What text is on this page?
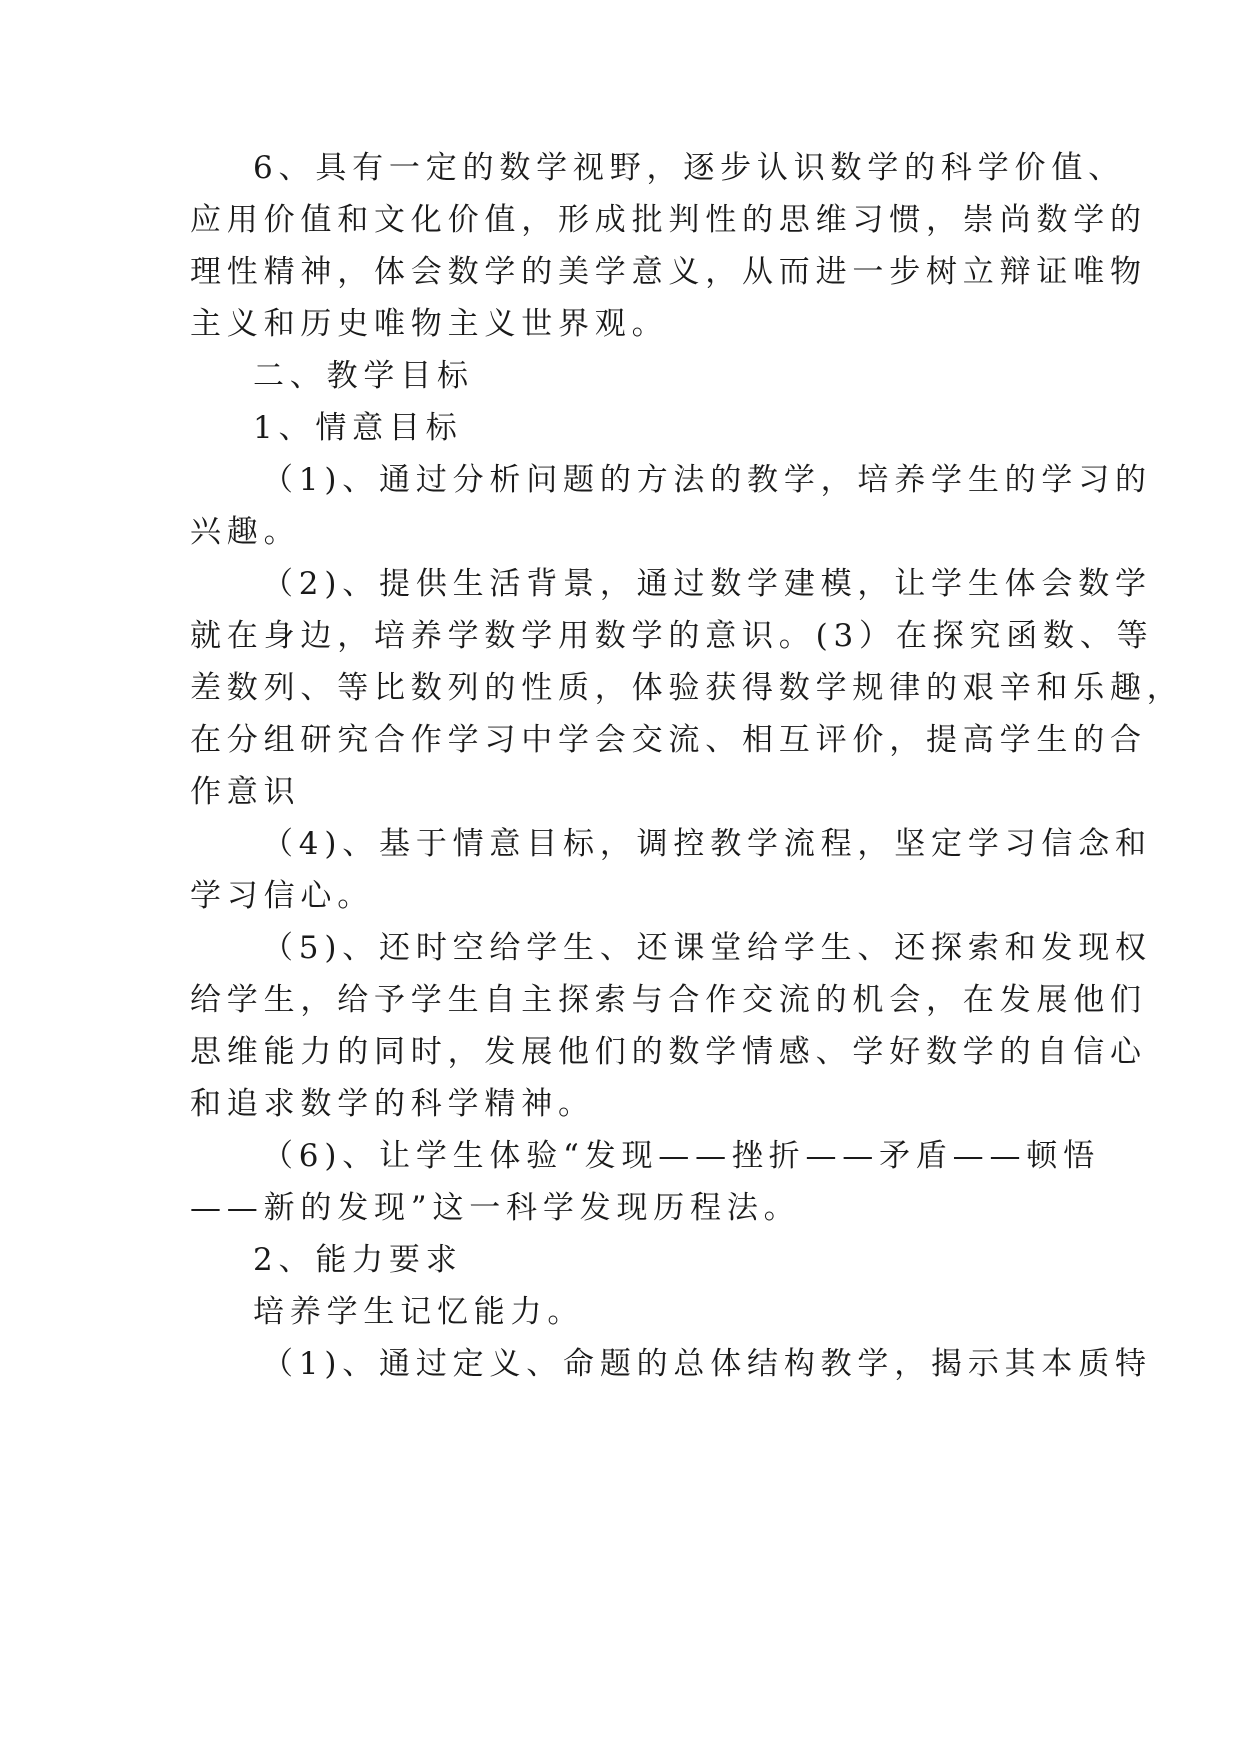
6、具有一定的数学视野，逐步认识数学的科学价值、

应用价值和文化价值，形成批判性的思维习惯，崇尚数学的

理性精神，体会数学的美学意义，从而进一步树立辩证唯物

主义和历史唯物主义世界观。

二、教学目标

1、情意目标

（1)、通过分析问题的方法的教学，培养学生的学习的

兴趣。

（2)、提供生活背景，通过数学建模，让学生体会数学

就在身边，培养学数学用数学的意识。(3）在探究函数、等

差数列、等比数列的性质，体验获得数学规律的艰辛和乐趣，

在分组研究合作学习中学会交流、相互评价，提高学生的合

作意识

（4)、基于情意目标，调控教学流程，坚定学习信念和

学习信心。

（5)、还时空给学生、还课堂给学生、还探索和发现权

给学生，给予学生自主探索与合作交流的机会，在发展他们

思维能力的同时，发展他们的数学情感、学好数学的自信心

和追求数学的科学精神。

（6)、让学生体验“发现——挫折——矛盾——顿悟

——新的发现”这一科学发现历程法。

2、能力要求

培养学生记忆能力。

（1)、通过定义、命题的总体结构教学，揭示其本质特
